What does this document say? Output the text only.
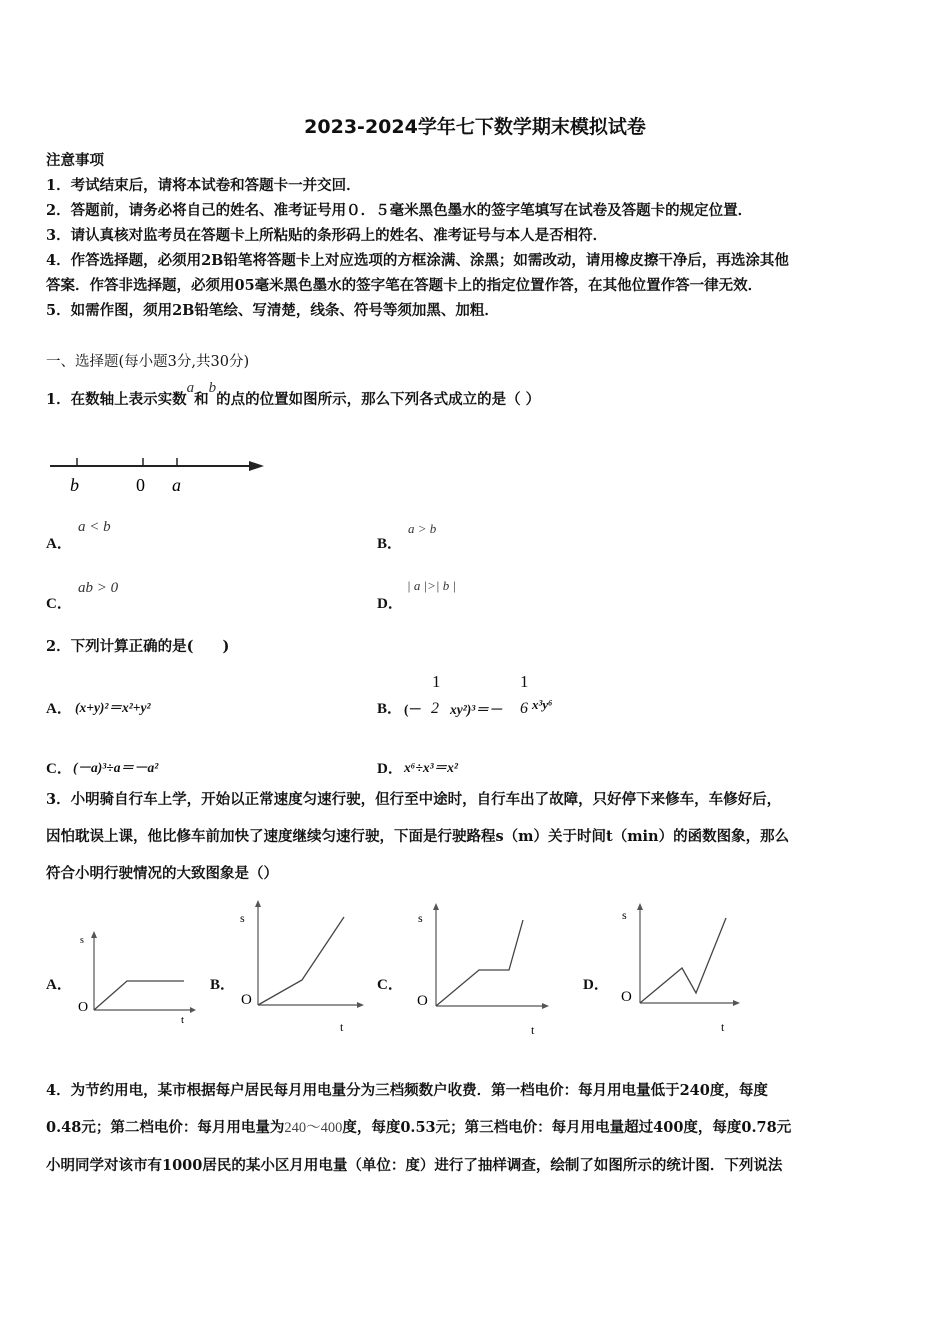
2023-2024学年七下数学期末模拟试卷
注意事项
1．考试结束后，请将本试卷和答题卡一并交回．
2．答题前，请务必将自己的姓名、准考证号用０．５毫米黑色墨水的签字笔填写在试卷及答题卡的规定位置．
3．请认真核对监考员在答题卡上所粘贴的条形码上的姓名、准考证号与本人是否相符．
4．作答选择题，必须用2B铅笔将答题卡上对应选项的方框涂满、涂黑；如需改动，请用橡皮擦干净后，再选涂其他
答案．作答非选择题，必须用05毫米黑色墨水的签字笔在答题卡上的指定位置作答，在其他位置作答一律无效．
5．如需作图，须用2B铅笔绘、写清楚，线条、符号等须加黑、加粗．
一、选择题(每小题3分,共30分)
1．在数轴上表示实数a和b的点的位置如图所示，那么下列各式成立的是（ ）
b	0 a
A．
a < b
B．
a > b
C．
ab > 0
D．
| a |>| b |
2．下列计算正确的是(　　)
A． (x+y)²＝x²+y²	B． (－
1
2 xy²)³＝－
1
6 x³y⁶
C． (－a)³÷a＝－a²	D． x⁶÷x³＝x²
3．小明骑自行车上学，开始以正常速度匀速行驶，但行至中途时，自行车出了故障，只好停下来修车，车修好后，
因怕耽误上课，他比修车前加快了速度继续匀速行驶，下面是行驶路程s（m）关于时间t（min）的函数图象，那么
符合小明行驶情况的大致图象是（）
A．
s
t
O
B．
s
t
O
C．
s
t
O
D．
s
t
O
4．为节约用电，某市根据每户居民每月用电量分为三档频数户收费．第一档电价：每月用电量低于240度，每度
0.48元；第二档电价：每月用电量为240～400度，每度0.53元；第三档电价：每月用电量超过400度，每度0.78元
小明同学对该市有1000居民的某小区月用电量（单位：度）进行了抽样调查，绘制了如图所示的统计图．下列说法
